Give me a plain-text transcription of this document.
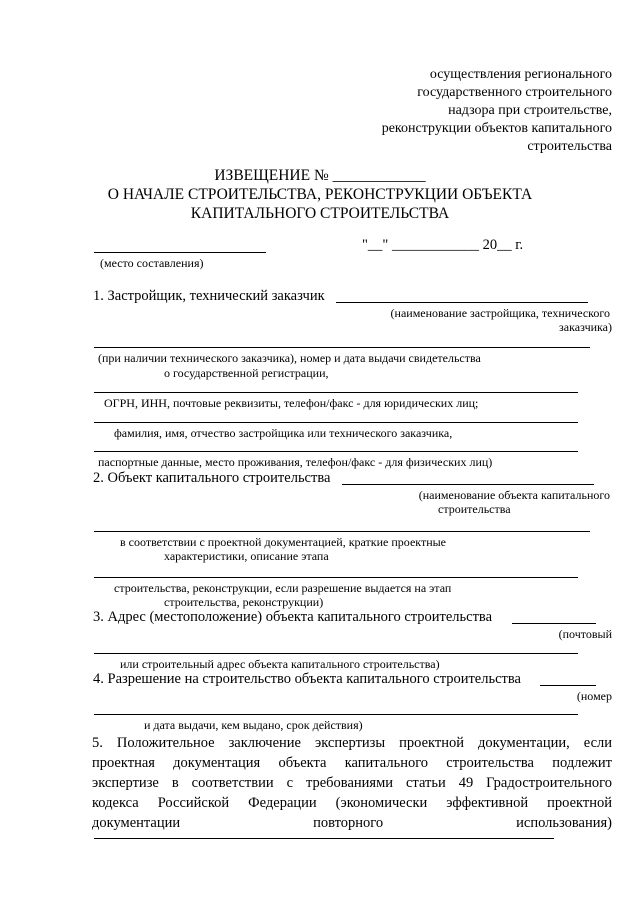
осуществления регионального
государственного строительного
надзора при строительстве,
реконструкции объектов капитального
строительства
ИЗВЕЩЕНИЕ № ____________
О НАЧАЛЕ СТРОИТЕЛЬСТВА, РЕКОНСТРУКЦИИ ОБЪЕКТА
КАПИТАЛЬНОГО СТРОИТЕЛЬСТВА
"__" ____________ 20__ г.
(место составления)
1. Застройщик, технический заказчик
(наименование застройщика, технического
заказчика)
(при наличии технического заказчика), номер и дата выдачи свидетельства
о государственной регистрации,
ОГРН, ИНН, почтовые реквизиты, телефон/факс - для юридических лиц;
фамилия, имя, отчество застройщика или технического заказчика,
паспортные данные, место проживания, телефон/факс - для физических лиц)
2. Объект капитального строительства
(наименование объекта капитального
строительства
в соответствии с проектной документацией, краткие проектные
характеристики, описание этапа
строительства, реконструкции, если разрешение выдается на этап
строительства, реконструкции)
3. Адрес (местоположение) объекта капитального строительства
(почтовый
или строительный адрес объекта капитального строительства)
4. Разрешение на строительство объекта капитального строительства
(номер
и дата выдачи, кем выдано, срок действия)
5. Положительное заключение экспертизы проектной документации, если
проектная документация объекта капитального строительства подлежит
экспертизе в соответствии с требованиями статьи 49 Градостроительного
кодекса Российской Федерации (экономически эффективной проектной
документации повторного использования)
